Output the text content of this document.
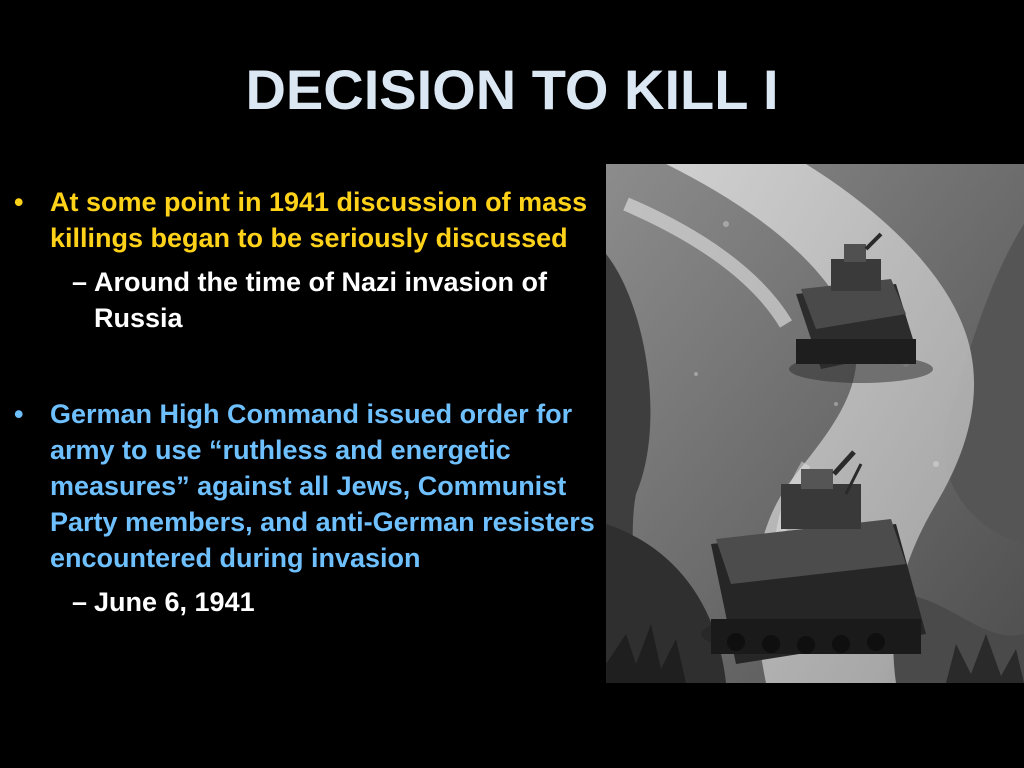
DECISION TO KILL I
• At some point in 1941 discussion of mass killings began to be seriously discussed
– Around the time of Nazi invasion of Russia
• German High Command issued order for army to use “ruthless and energetic measures” against all Jews, Communist Party members, and anti-German resisters encountered during invasion
– June 6, 1941
